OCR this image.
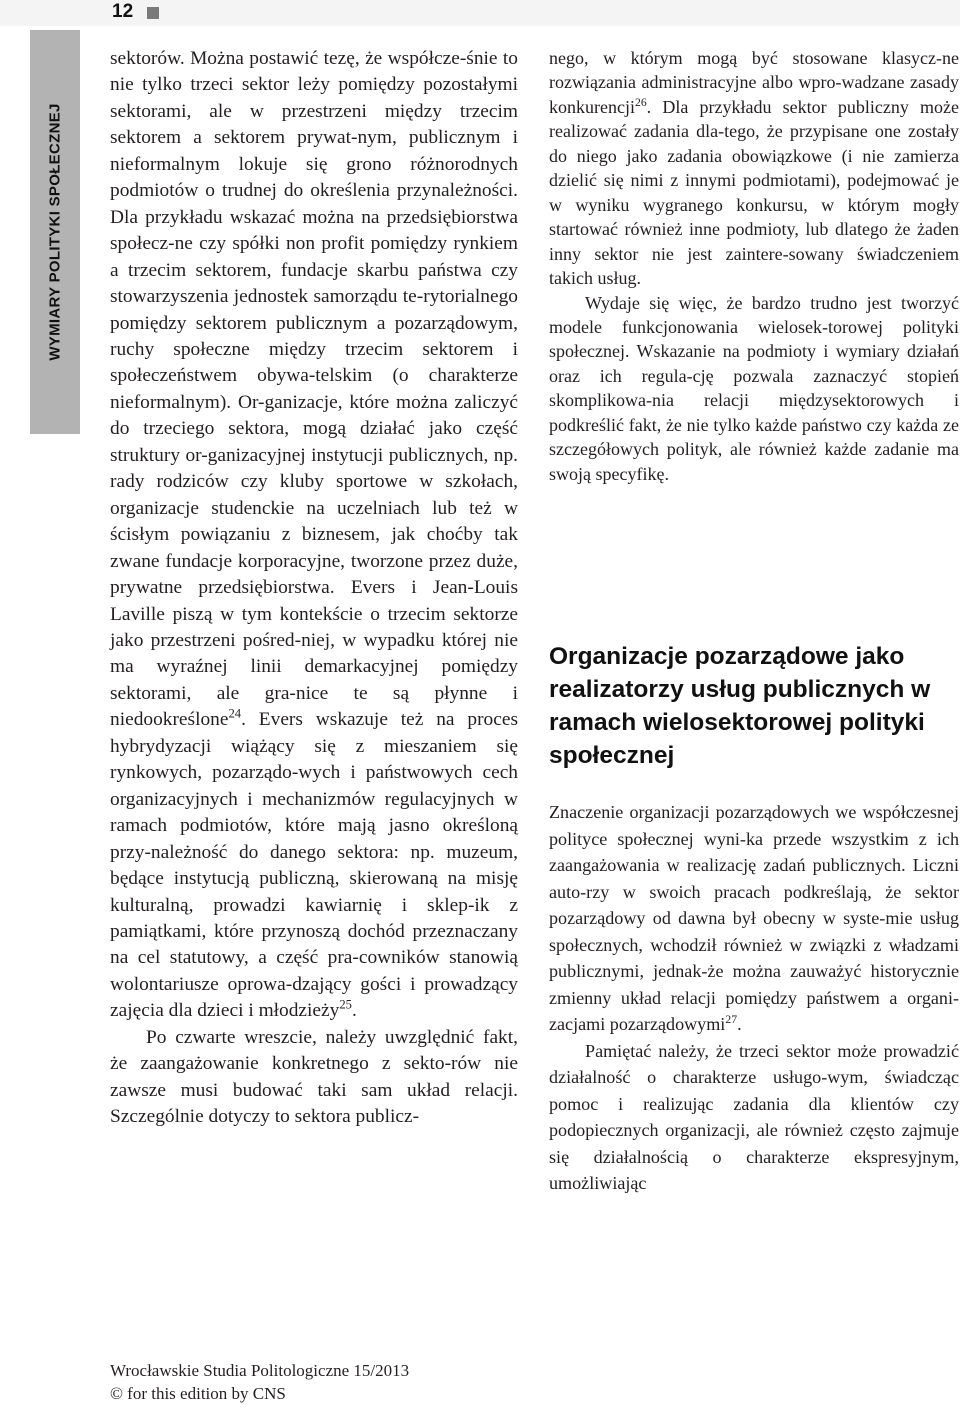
12
WYMIARY POLITYKI SPOŁECZNEJ

sektorów. Można postawić tezę, że współcze-śnie to nie tylko trzeci sektor leży pomiędzy pozostałymi sektorami, ale w przestrzeni między trzecim sektorem a sektorem prywat-nym, publicznym i nieformalnym lokuje się grono różnorodnych podmiotów o trudnej do określenia przynależności. Dla przykładu wskazać można na przedsiębiorstwa społecz-ne czy spółki non profit pomiędzy rynkiem a trzecim sektorem, fundacje skarbu państwa czy stowarzyszenia jednostek samorządu te-rytorialnego pomiędzy sektorem publicznym a pozarządowym, ruchy społeczne między trzecim sektorem i społeczeństwem obywa-telskim (o charakterze nieformalnym). Or-ganizacje, które można zaliczyć do trzeciego sektora, mogą działać jako część struktury or-ganizacyjnej instytucji publicznych, np. rady rodziców czy kluby sportowe w szkołach, organizacje studenckie na uczelniach lub też w ścisłym powiązaniu z biznesem, jak choćby tak zwane fundacje korporacyjne, tworzone przez duże, prywatne przedsiębiorstwa. Evers i Jean-Louis Laville piszą w tym kontekście o trzecim sektorze jako przestrzeni pośred-niej, w wypadku której nie ma wyraźnej linii demarkacyjnej pomiędzy sektorami, ale gra-nice te są płynne i niedookreślone$^{24}$. Evers wskazuje też na proces hybrydyzacji wiążący się z mieszaniem się rynkowych, pozarządo-wych i państwowych cech organizacyjnych i mechanizmów regulacyjnych w ramach podmiotów, które mają jasno określoną przy-należność do danego sektora: np. muzeum, będące instytucją publiczną, skierowaną na misję kulturalną, prowadzi kawiarnię i sklep-ik z pamiątkami, które przynoszą dochód przeznaczany na cel statutowy, a część pra-cowników stanowią wolontariusze oprowa-dzający gości i prowadzący zajęcia dla dzieci i młodzieży$^{25}$.

Po czwarte wreszcie, należy uwzględnić fakt, że zaangażowanie konkretnego z sekto-rów nie zawsze musi budować taki sam układ relacji. Szczególnie dotyczy to sektora publicz-

nego, w którym mogą być stosowane klasycz-ne rozwiązania administracyjne albo wpro-wadzane zasady konkurencji$^{26}$. Dla przykładu sektor publiczny może realizować zadania dla-tego, że przypisane one zostały do niego jako zadania obowiązkowe (i nie zamierza dzielić się nimi z innymi podmiotami), podejmować je w wyniku wygranego konkursu, w którym mogły startować również inne podmioty, lub dlatego że żaden inny sektor nie jest zaintere-sowany świadczeniem takich usług.

Wydaje się więc, że bardzo trudno jest tworzyć modele funkcjonowania wielosek-torowej polityki społecznej. Wskazanie na podmioty i wymiary działań oraz ich regula-cję pozwala zaznaczyć stopień skomplikowa-nia relacji międzysektorowych i podkreślić fakt, że nie tylko każde państwo czy każda ze szczegółowych polityk, ale również każde zadanie ma swoją specyfikę.

Organizacje pozarządowe jako realizatorzy usług publicznych w ramach wielosektorowej polityki społecznej

Znaczenie organizacji pozarządowych we współczesnej polityce społecznej wyni-ka przede wszystkim z ich zaangażowania w realizację zadań publicznych. Liczni auto-rzy w swoich pracach podkreślają, że sektor pozarządowy od dawna był obecny w syste-mie usług społecznych, wchodził również w związki z władzami publicznymi, jednak-że można zauważyć historycznie zmienny układ relacji pomiędzy państwem a organi-zacjami pozarządowymi$^{27}$.

Pamiętać należy, że trzeci sektor może prowadzić działalność o charakterze usługo-wym, świadcząc pomoc i realizując zadania dla klientów czy podopiecznych organizacji, ale również często zajmuje się działalnością o charakterze ekspresyjnym, umożliwiając

Wrocławskie Studia Politologiczne 15/2013
© for this edition by CNS
